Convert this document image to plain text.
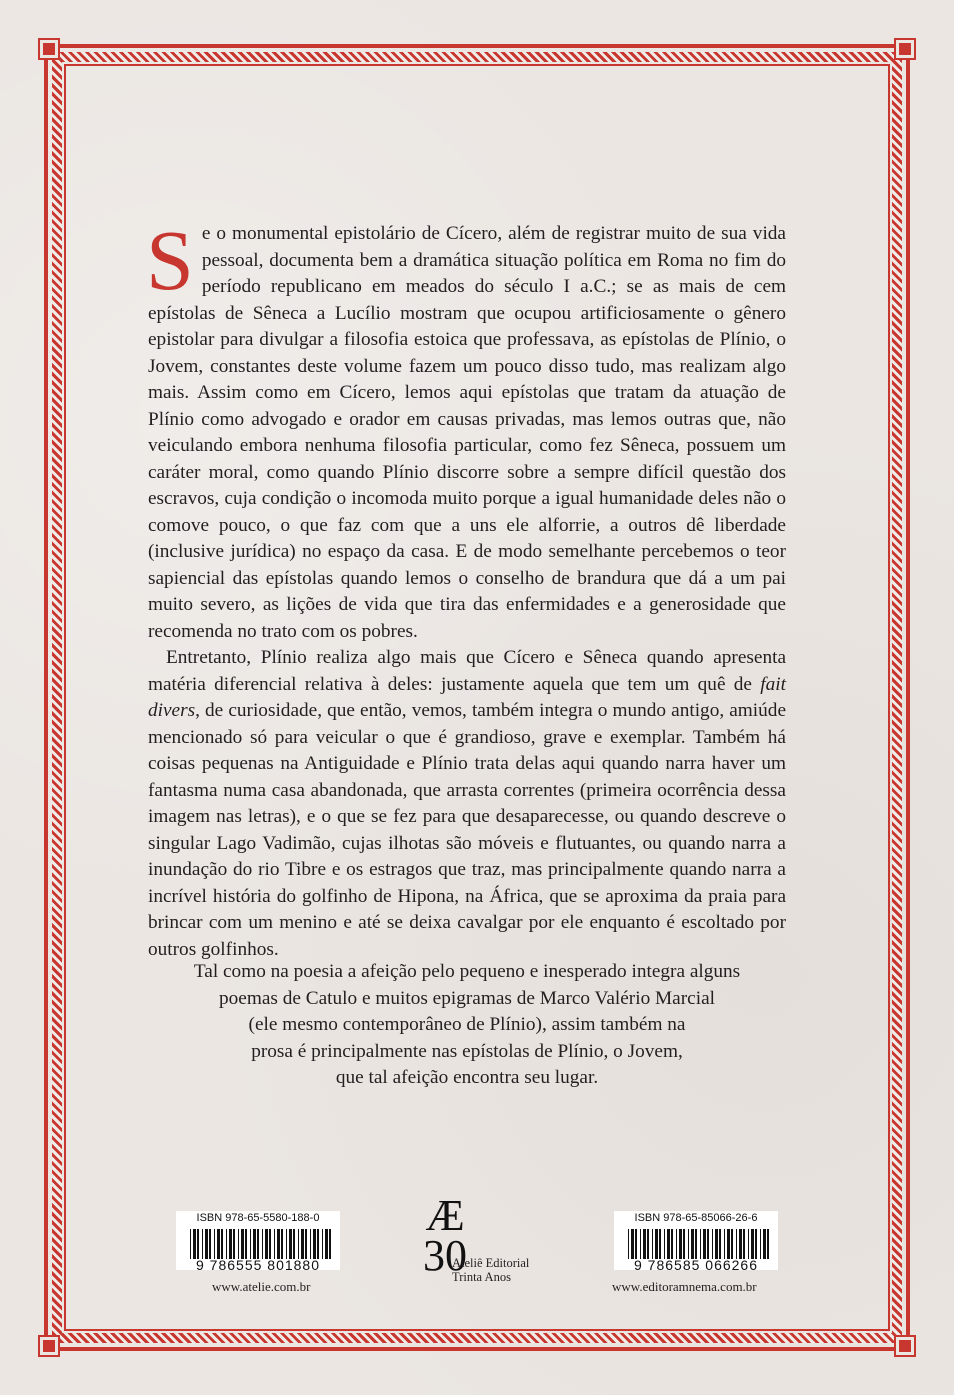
Se o monumental epistolário de Cícero, além de registrar muito de sua vida pessoal, documenta bem a dramática situação política em Roma no fim do período republicano em meados do século I a.C.; se as mais de cem epístolas de Sêneca a Lucílio mostram que ocupou artificiosamente o gênero epistolar para divulgar a filosofia estoica que professava, as epístolas de Plínio, o Jovem, constantes deste volume fazem um pouco disso tudo, mas realizam algo mais. Assim como em Cícero, lemos aqui epístolas que tratam da atuação de Plínio como advogado e orador em causas privadas, mas lemos outras que, não veiculando embora nenhuma filosofia particular, como fez Sêneca, possuem um caráter moral, como quando Plínio discorre sobre a sempre difícil questão dos escravos, cuja condição o incomoda muito porque a igual humanidade deles não o comove pouco, o que faz com que a uns ele alforrie, a outros dê liberdade (inclusive jurídica) no espaço da casa. E de modo semelhante percebemos o teor sapiencial das epístolas quando lemos o conselho de brandura que dá a um pai muito severo, as lições de vida que tira das enfermidades e a generosidade que recomenda no trato com os pobres.

Entretanto, Plínio realiza algo mais que Cícero e Sêneca quando apresenta matéria diferencial relativa à deles: justamente aquela que tem um quê de fait divers, de curiosidade, que então, vemos, também integra o mundo antigo, amiúde mencionado só para veicular o que é grandioso, grave e exemplar. Também há coisas pequenas na Antiguidade e Plínio trata delas aqui quando narra haver um fantasma numa casa abandonada, que arrasta correntes (primeira ocorrência dessa imagem nas letras), e o que se fez para que desaparecesse, ou quando descreve o singular Lago Vadimão, cujas ilhotas são móveis e flutuantes, ou quando narra a inundação do rio Tibre e os estragos que traz, mas principalmente quando narra a incrível história do golfinho de Hipona, na África, que se aproxima da praia para brincar com um menino e até se deixa cavalgar por ele enquanto é escoltado por outros golfinhos.

Tal como na poesia a afeição pelo pequeno e inesperado integra alguns
poemas de Catulo e muitos epigramas de Marco Valério Marcial
(ele mesmo contemporâneo de Plínio), assim também na
prosa é principalmente nas epístolas de Plínio, o Jovem,
que tal afeição encontra seu lugar.
ISBN 978-65-5580-188-0
9 786555 801880
www.atelie.com.br
Æ
30
Ateliê Editorial
Trinta Anos
ISBN 978-65-85066-26-6
9 786585 066266
www.editoramnema.com.br
